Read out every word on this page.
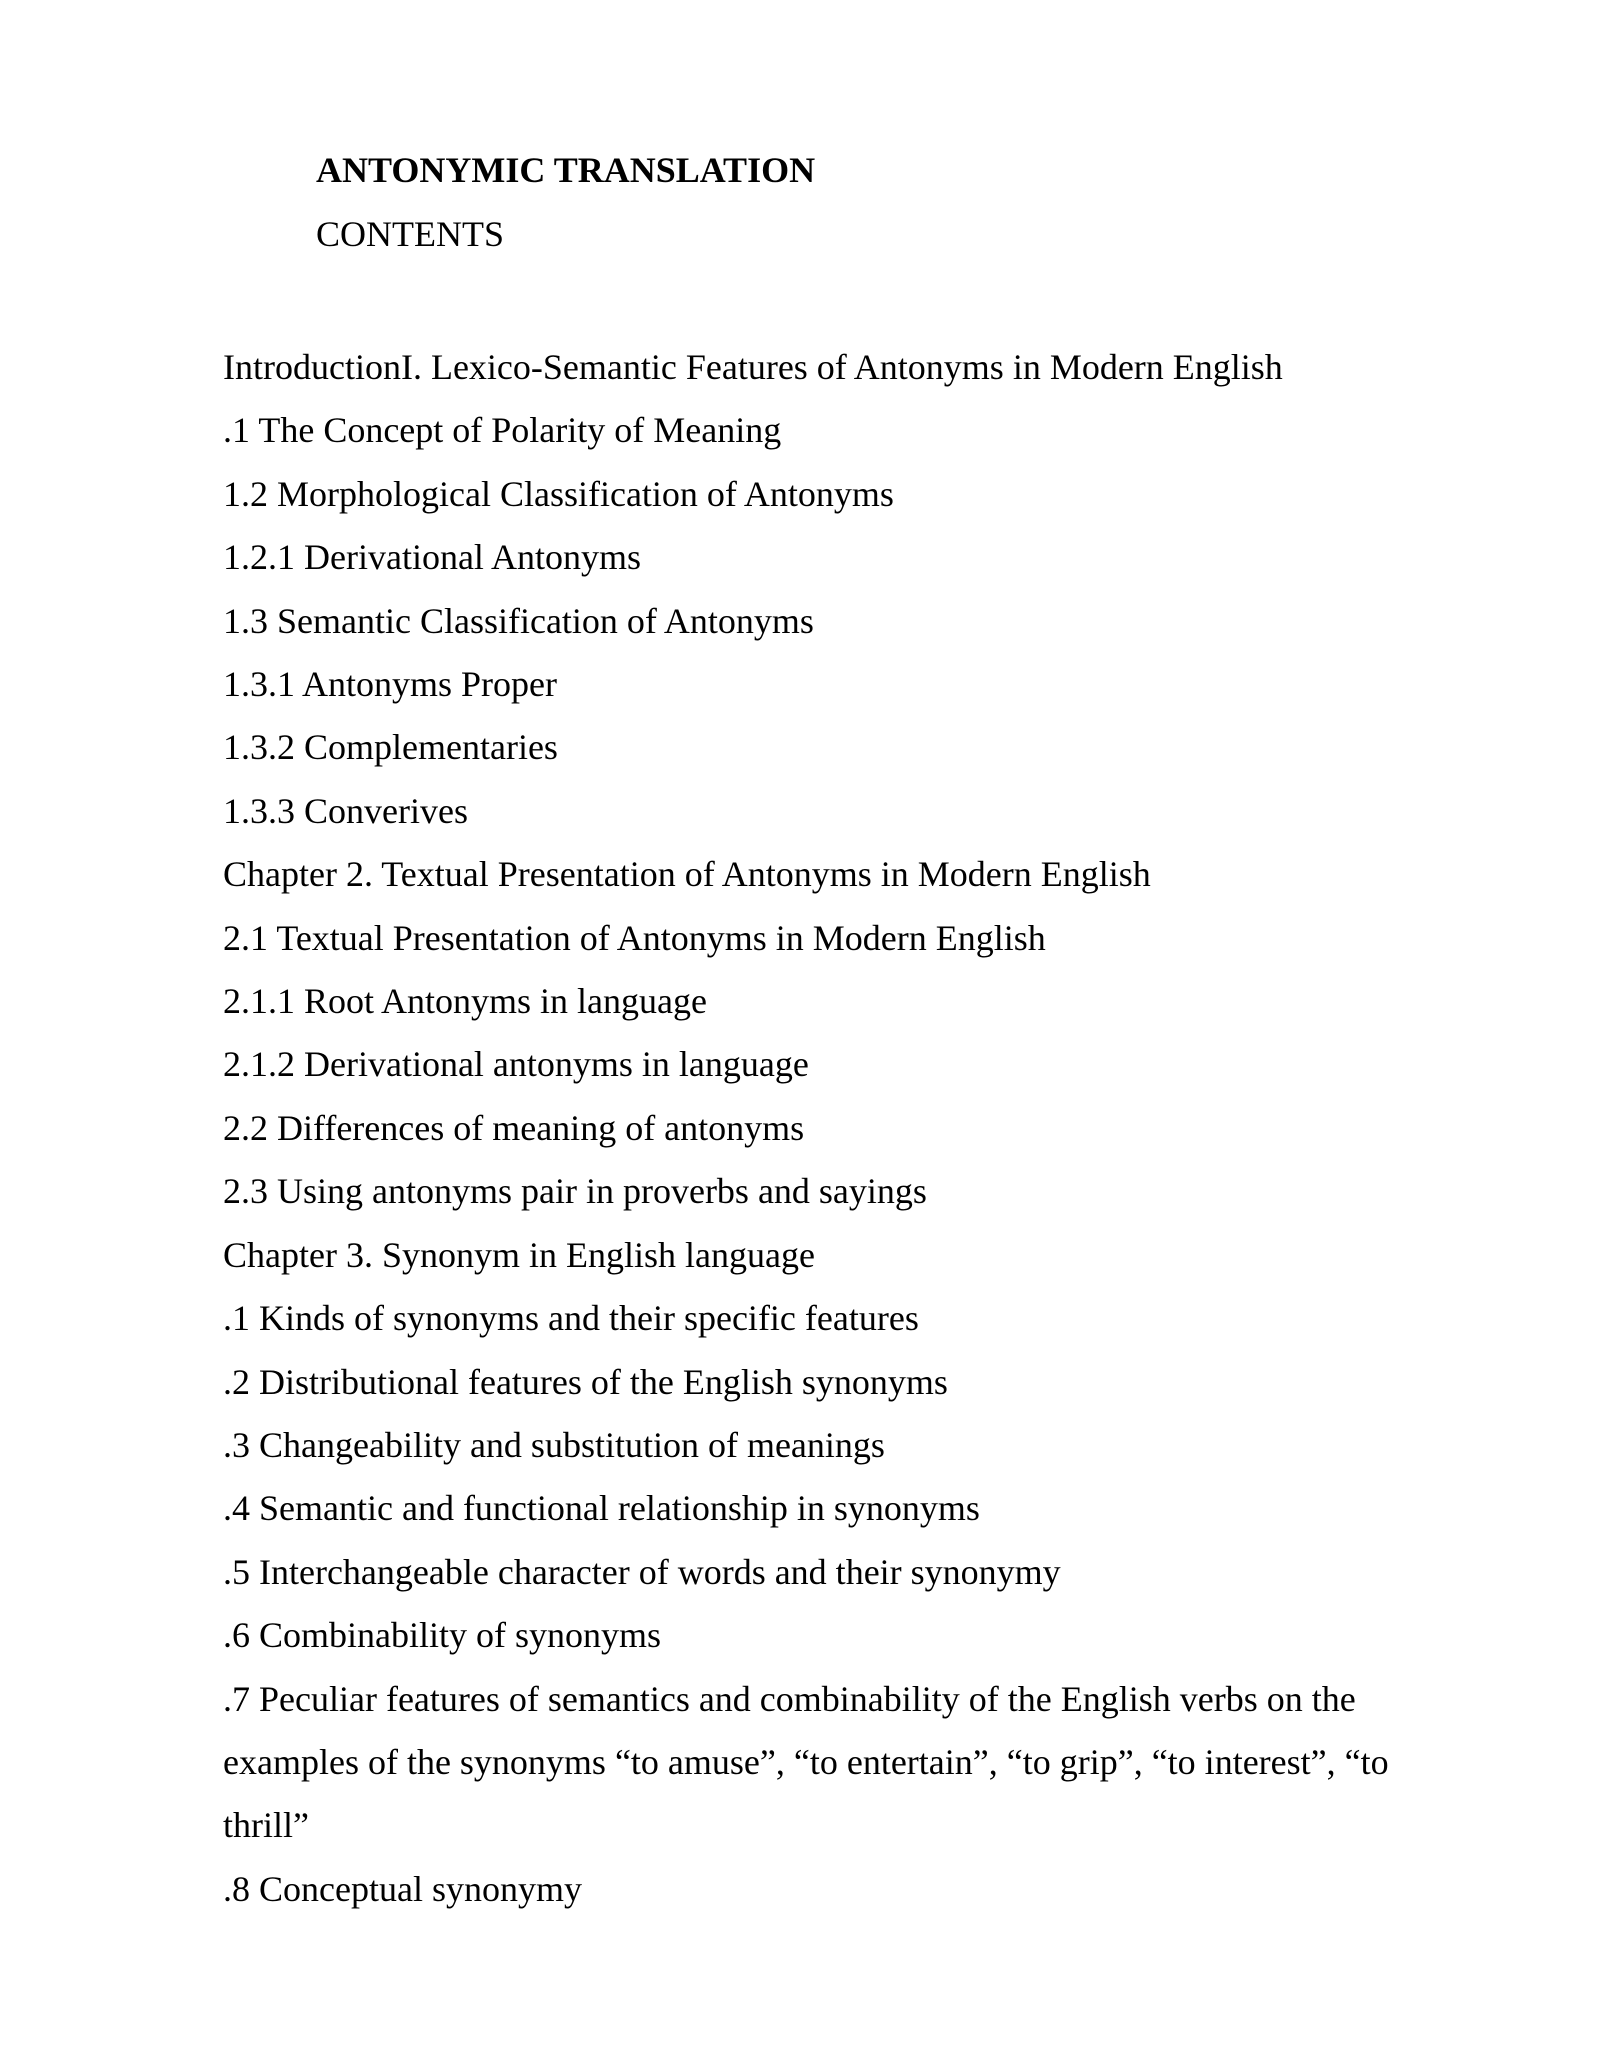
ANTONYMIC TRANSLATION
CONTENTS
IntroductionI. Lexico-Semantic Features of Antonyms in Modern English
.1 The Concept of Polarity of Meaning
1.2 Morphological Classification of Antonyms
1.2.1 Derivational Antonyms
1.3 Semantic Classification of Antonyms
1.3.1 Antonyms Proper
1.3.2 Complementaries
1.3.3 Converives
Chapter 2. Textual Presentation of Antonyms in Modern English
2.1 Textual Presentation of Antonyms in Modern English
2.1.1 Root Antonyms in language
2.1.2 Derivational antonyms in language
2.2 Differences of meaning of antonyms
2.3 Using antonyms pair in proverbs and sayings
Chapter 3. Synonym in English language
.1 Kinds of synonyms and their specific features
.2 Distributional features of the English synonyms
.3 Changeability and substitution of meanings
.4 Semantic and functional relationship in synonyms
.5 Interchangeable character of words and their synonymy
.6 Combinability of synonyms
.7 Peculiar features of semantics and combinability of the English verbs on the examples of the synonyms “to amuse”, “to entertain”, “to grip”, “to interest”, “to thrill”
.8 Conceptual synonymy
